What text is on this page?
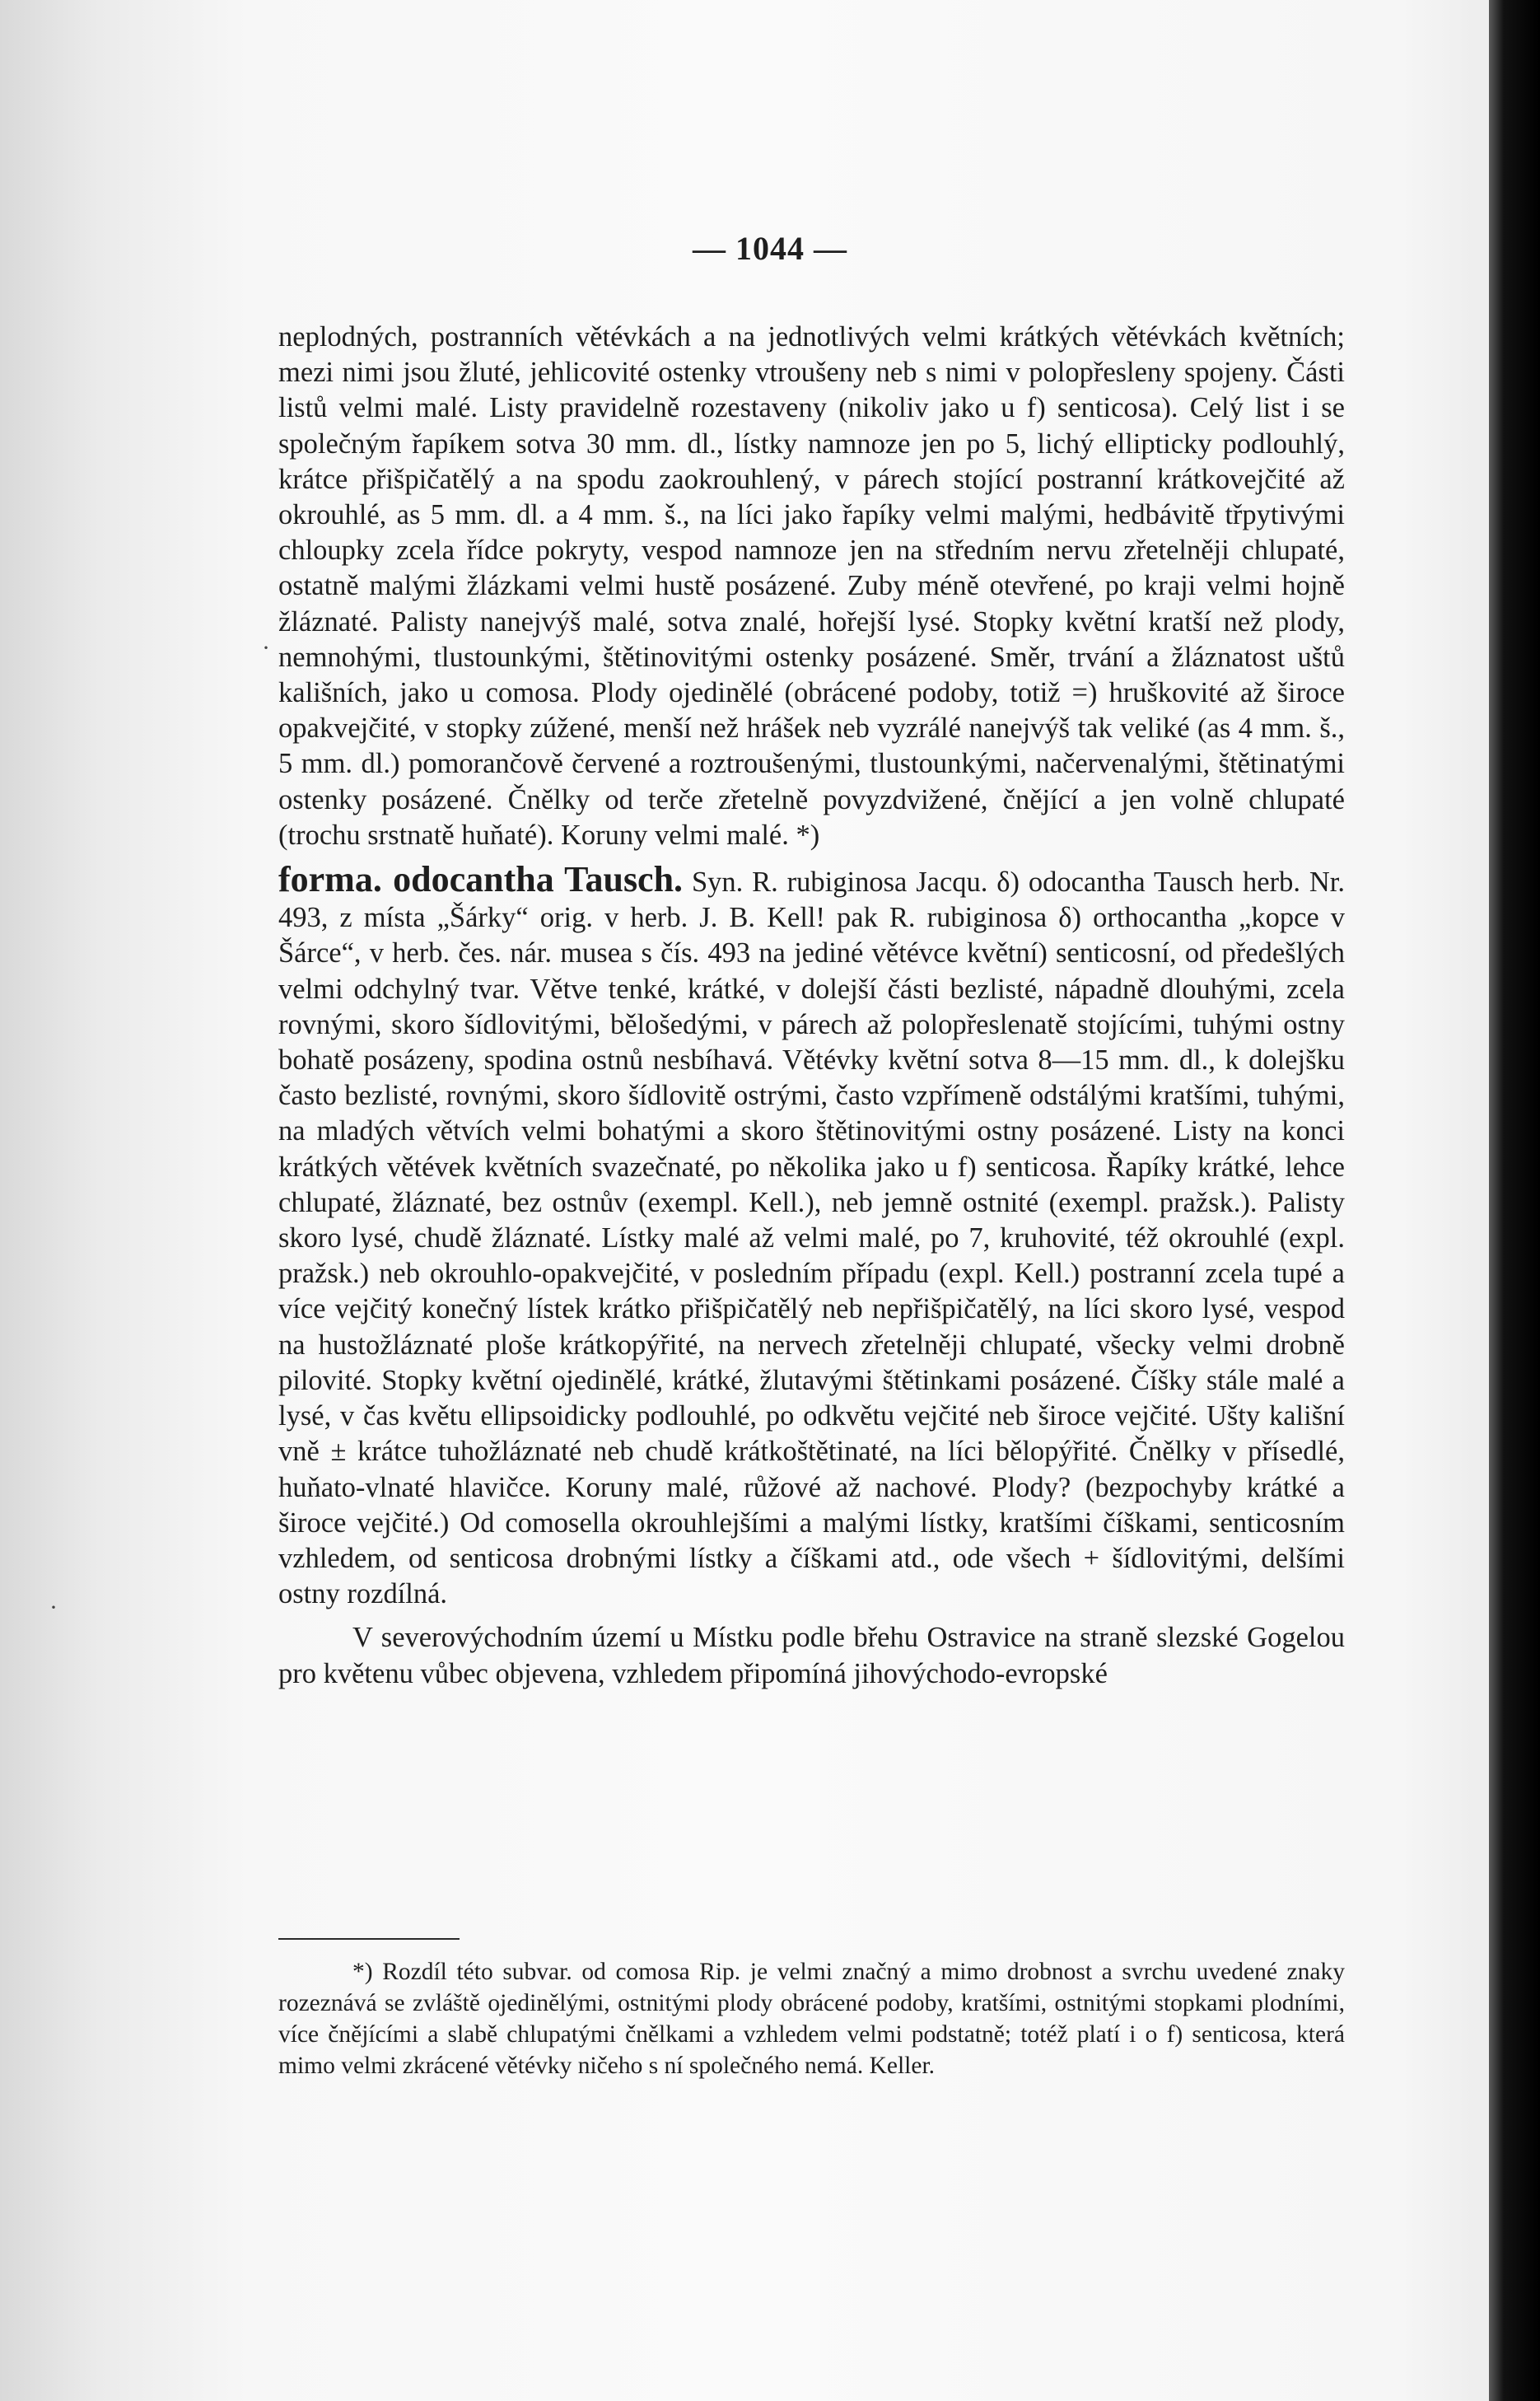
— 1044 —

neplodných, postranních větévkách a na jednotlivých velmi krátkých větévkách květních; mezi nimi jsou žluté, jehlicovité ostenky vtroušeny neb s nimi v polopřesleny spojeny. Části listů velmi malé. Listy pravidelně rozestaveny (nikoliv jako u f) senticosa). Celý list i se společným řapíkem sotva 30 mm. dl., lístky namnoze jen po 5, lichý ellipticky podlouhlý, krátce přišpičatělý a na spodu zaokrouhlený, v párech stojící postranní krátkovejčité až okrouhlé, as 5 mm. dl. a 4 mm. š., na líci jako řapíky velmi malými, hedbávitě třpytivými chloupky zcela řídce pokryty, vespod namnoze jen na středním nervu zřetelněji chlupaté, ostatně malými žlázkami velmi hustě posázené. Zuby méně otevřené, po kraji velmi hojně žláznaté. Palisty nanejvýš malé, sotva znalé, hořejší lysé. Stopky květní kratší než plody, nemnohými, tlustounkými, štětinovitými ostenky posázené. Směr, trvání a žláznatost uštů kališních, jako u comosa. Plody ojedinělé (obrácené podoby, totiž =) hruškovité až široce opakvejčité, v stopky zúžené, menší než hrášek neb vyzrálé nanejvýš tak veliké (as 4 mm. š., 5 mm. dl.) pomorančově červené a roztroušenými, tlustounkými, načervenalými, štětinatými ostenky posázené. Čnělky od terče zřetelně povyzdvižené, čnějící a jen volně chlupaté (trochu srstnatě huňaté). Koruny velmi malé. *)

forma. odocantha Tausch. Syn. R. rubiginosa Jacqu. δ) odocantha Tausch herb. Nr. 493, z místa „Šárky“ orig. v herb. J. B. Kell! pak R. rubiginosa δ) orthocantha „kopce v Šárce“, v herb. čes. nár. musea s čís. 493 na jediné větévce květní) senticosní, od předešlých velmi odchylný tvar. Větve tenké, krátké, v dolejší části bezlisté, nápadně dlouhými, zcela rovnými, skoro šídlovitými, bělošedými, v párech až polopřeslenatě stojícími, tuhými ostny bohatě posázeny, spodina ostnů nesbíhavá. Větévky květní sotva 8—15 mm. dl., k dolejšku často bezlisté, rovnými, skoro šídlovitě ostrými, často vzpřímeně odstálými kratšími, tuhými, na mladých větvích velmi bohatými a skoro štětinovitými ostny posázené. Listy na konci krátkých větévek květních svazečnaté, po několika jako u f) senticosa. Řapíky krátké, lehce chlupaté, žláznaté, bez ostnův (exempl. Kell.), neb jemně ostnité (exempl. pražsk.). Palisty skoro lysé, chudě žláznaté. Lístky malé až velmi malé, po 7, kruhovité, též okrouhlé (expl. pražsk.) neb okrouhlo-opakvejčité, v posledním případu (expl. Kell.) postranní zcela tupé a více vejčitý konečný lístek krátko přišpičatělý neb nepřišpičatělý, na líci skoro lysé, vespod na hustožláznaté ploše krátkopýřité, na nervech zřetelněji chlupaté, všecky velmi drobně pilovité. Stopky květní ojedinělé, krátké, žlutavými štětinkami posázené. Číšky stále malé a lysé, v čas květu ellipsoidicky podlouhlé, po odkvětu vejčité neb široce vejčité. Ušty kališní vně ± krátce tuhožláznaté neb chudě krátkoštětinaté, na líci bělopýřité. Čnělky v přísedlé, huňato-vlnaté hlavičce. Koruny malé, růžové až nachové. Plody? (bezpochyby krátké a široce vejčité.) Od comosella okrouhlejšími a malými lístky, kratšími číškami, senticosním vzhledem, od senticosa drobnými lístky a číškami atd., ode všech + šídlovitými, delšími ostny rozdílná.

V severovýchodním území u Místku podle břehu Ostravice na straně slezské Gogelou pro květenu vůbec objevena, vzhledem připomíná jihovýchodo-evropské

*) Rozdíl této subvar. od comosa Rip. je velmi značný a mimo drobnost a svrchu uvedené znaky rozeznává se zvláště ojedinělými, ostnitými plody obrácené podoby, kratšími, ostnitými stopkami plodními, více čnějícími a slabě chlupatými čnělkami a vzhledem velmi podstatně; totéž platí i o f) senticosa, která mimo velmi zkrácené větévky ničeho s ní společného nemá. Keller.

·
·
